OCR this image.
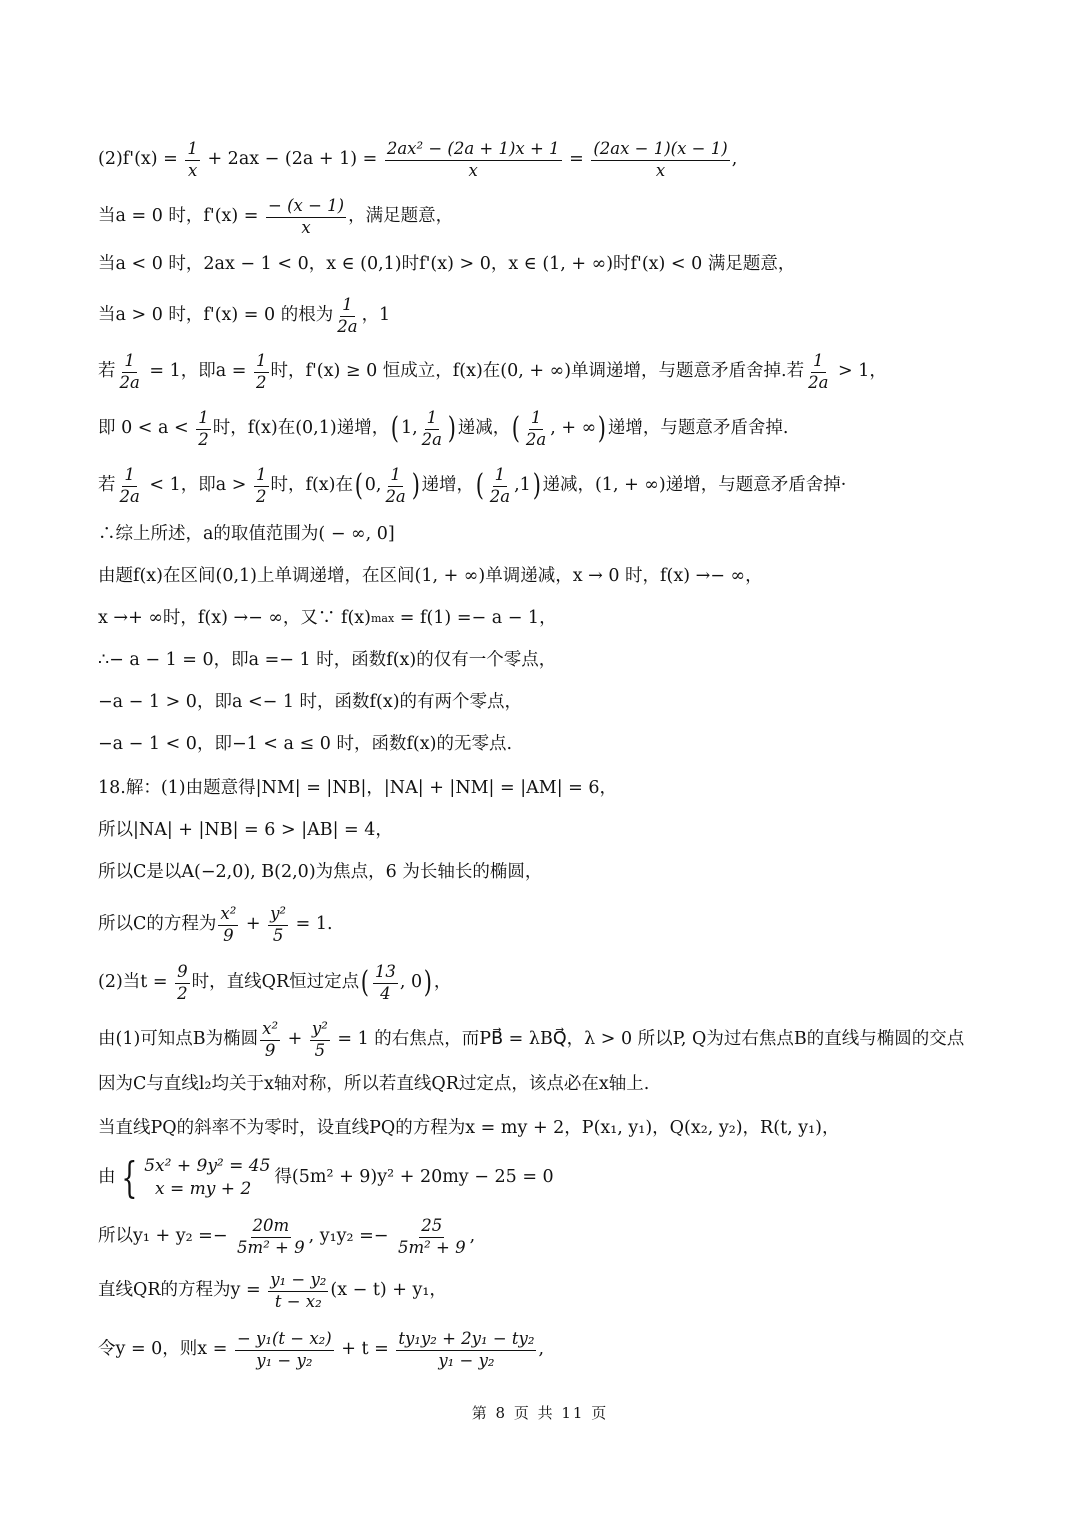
$(2)f'(x) = \frac{1}{x} + 2ax - (2a + 1) = \frac{\text{2ax² − (2a + 1)x + 1}}{x} = \frac{(2ax - 1)(x - 1)}{x}$ ,
当a = 0 时，$f'(x) = \frac{- (x - 1)}{x}$ ，满足题意，
当a < 0 时，2ax − 1 < 0，x ∈ (0,1)时f'(x) > 0，x ∈ (1, + ∞)时f'(x) < 0 满足题意，
当a > 0 时，f'(x) = 0 的根为 $\frac{1}{2a}$ ，1
若 $\frac{1}{2a} = 1$，即$a = \frac{1}{2}$ 时，f'(x) ≥ 0 恒成立，f(x)在(0, + ∞)单调递增，与题意矛盾舍掉.若 $\frac{1}{2a} > 1$，
即 $0 < a < \frac{1}{2}$ 时，f(x)在(0,1)递增， ( 1, $\frac{1}{2a}$ ) 递减， ( $\frac{1}{2a}$ , + ∞ ) 递增，与题意矛盾舍掉.
若 $\frac{1}{2a} < 1$，即$a > \frac{1}{2}$ 时，f(x)在 ( 0, $\frac{1}{2a}$ ) 递增， ( $\frac{1}{2a} ,1$ ) 递减，(1, + ∞)递增，与题意矛盾舍掉·
∴综上所述，a的取值范围为( − ∞, 0]
由题f(x)在区间(0,1)上单调递增，在区间(1, + ∞)单调递减，x → 0 时，f(x) →− ∞，
x →+ ∞时，f(x) →− ∞，又∵ f(x) max = f(1) =− a − 1，
∴− a − 1 = 0，即a =− 1 时，函数f(x)的仅有一个零点，
−a − 1 > 0，即a <− 1 时，函数f(x)的有两个零点，
−a − 1 < 0，即−1 < a ≤ 0 时，函数f(x)的无零点.
18.解：(1)由题意得|NM| = |NB|，|NA| + |NM| = |AM| = 6，
所以|NA| + |NB| = 6 > |AB| = 4，
所以C是以A(−2,0), B(2,0)为焦点，6 为长轴长的椭圆，
所以C的方程为 $\frac{\text{x²}}{9} + \frac{\text{y²}}{5} = 1$.
(2)当$t = \frac{9}{2}$ 时，直线QR恒过定点 ( $\frac{13}{4}$ , 0 ) ，
由(1)可知点B为椭圆 $\frac{\text{x²}}{9} + \frac{\text{y²}}{5} = 1$ 的右焦点，而PB⃗ = λBQ⃗，λ > 0 所以P, Q为过右焦点B的直线与椭圆的交点
因为C与直线l₂均关于x轴对称，所以若直线QR过定点，该点必在x轴上.
当直线PQ的斜率不为零时，设直线PQ的方程为x = my + 2，P(x₁, y₁)，Q(x₂, y₂)，R(t, y₁)，
由 { 5x² + 9y² = 45
x = my + 2
得(5m² + 9)y² + 20my − 25 = 0
所以$y_1 + y_2 =- \frac{20m}{\text{5m² + 9}}$ , $y_1y_2 =- \frac{25}{\text{5m² + 9}}$ ,
直线QR的方程为$y = \frac{\text{y₁ − y₂}}{\text{t − x₂}} (x - t) + y_1$，
令y = 0，则$x = \frac{\text{− y₁(t − x₂)}}{\text{y₁ − y₂}} + t = \frac{\text{ty₁y₂ + 2y₁ − ty₂}}{\text{y₁ − y₂}}$ ,
第 8 页 共 11 页
